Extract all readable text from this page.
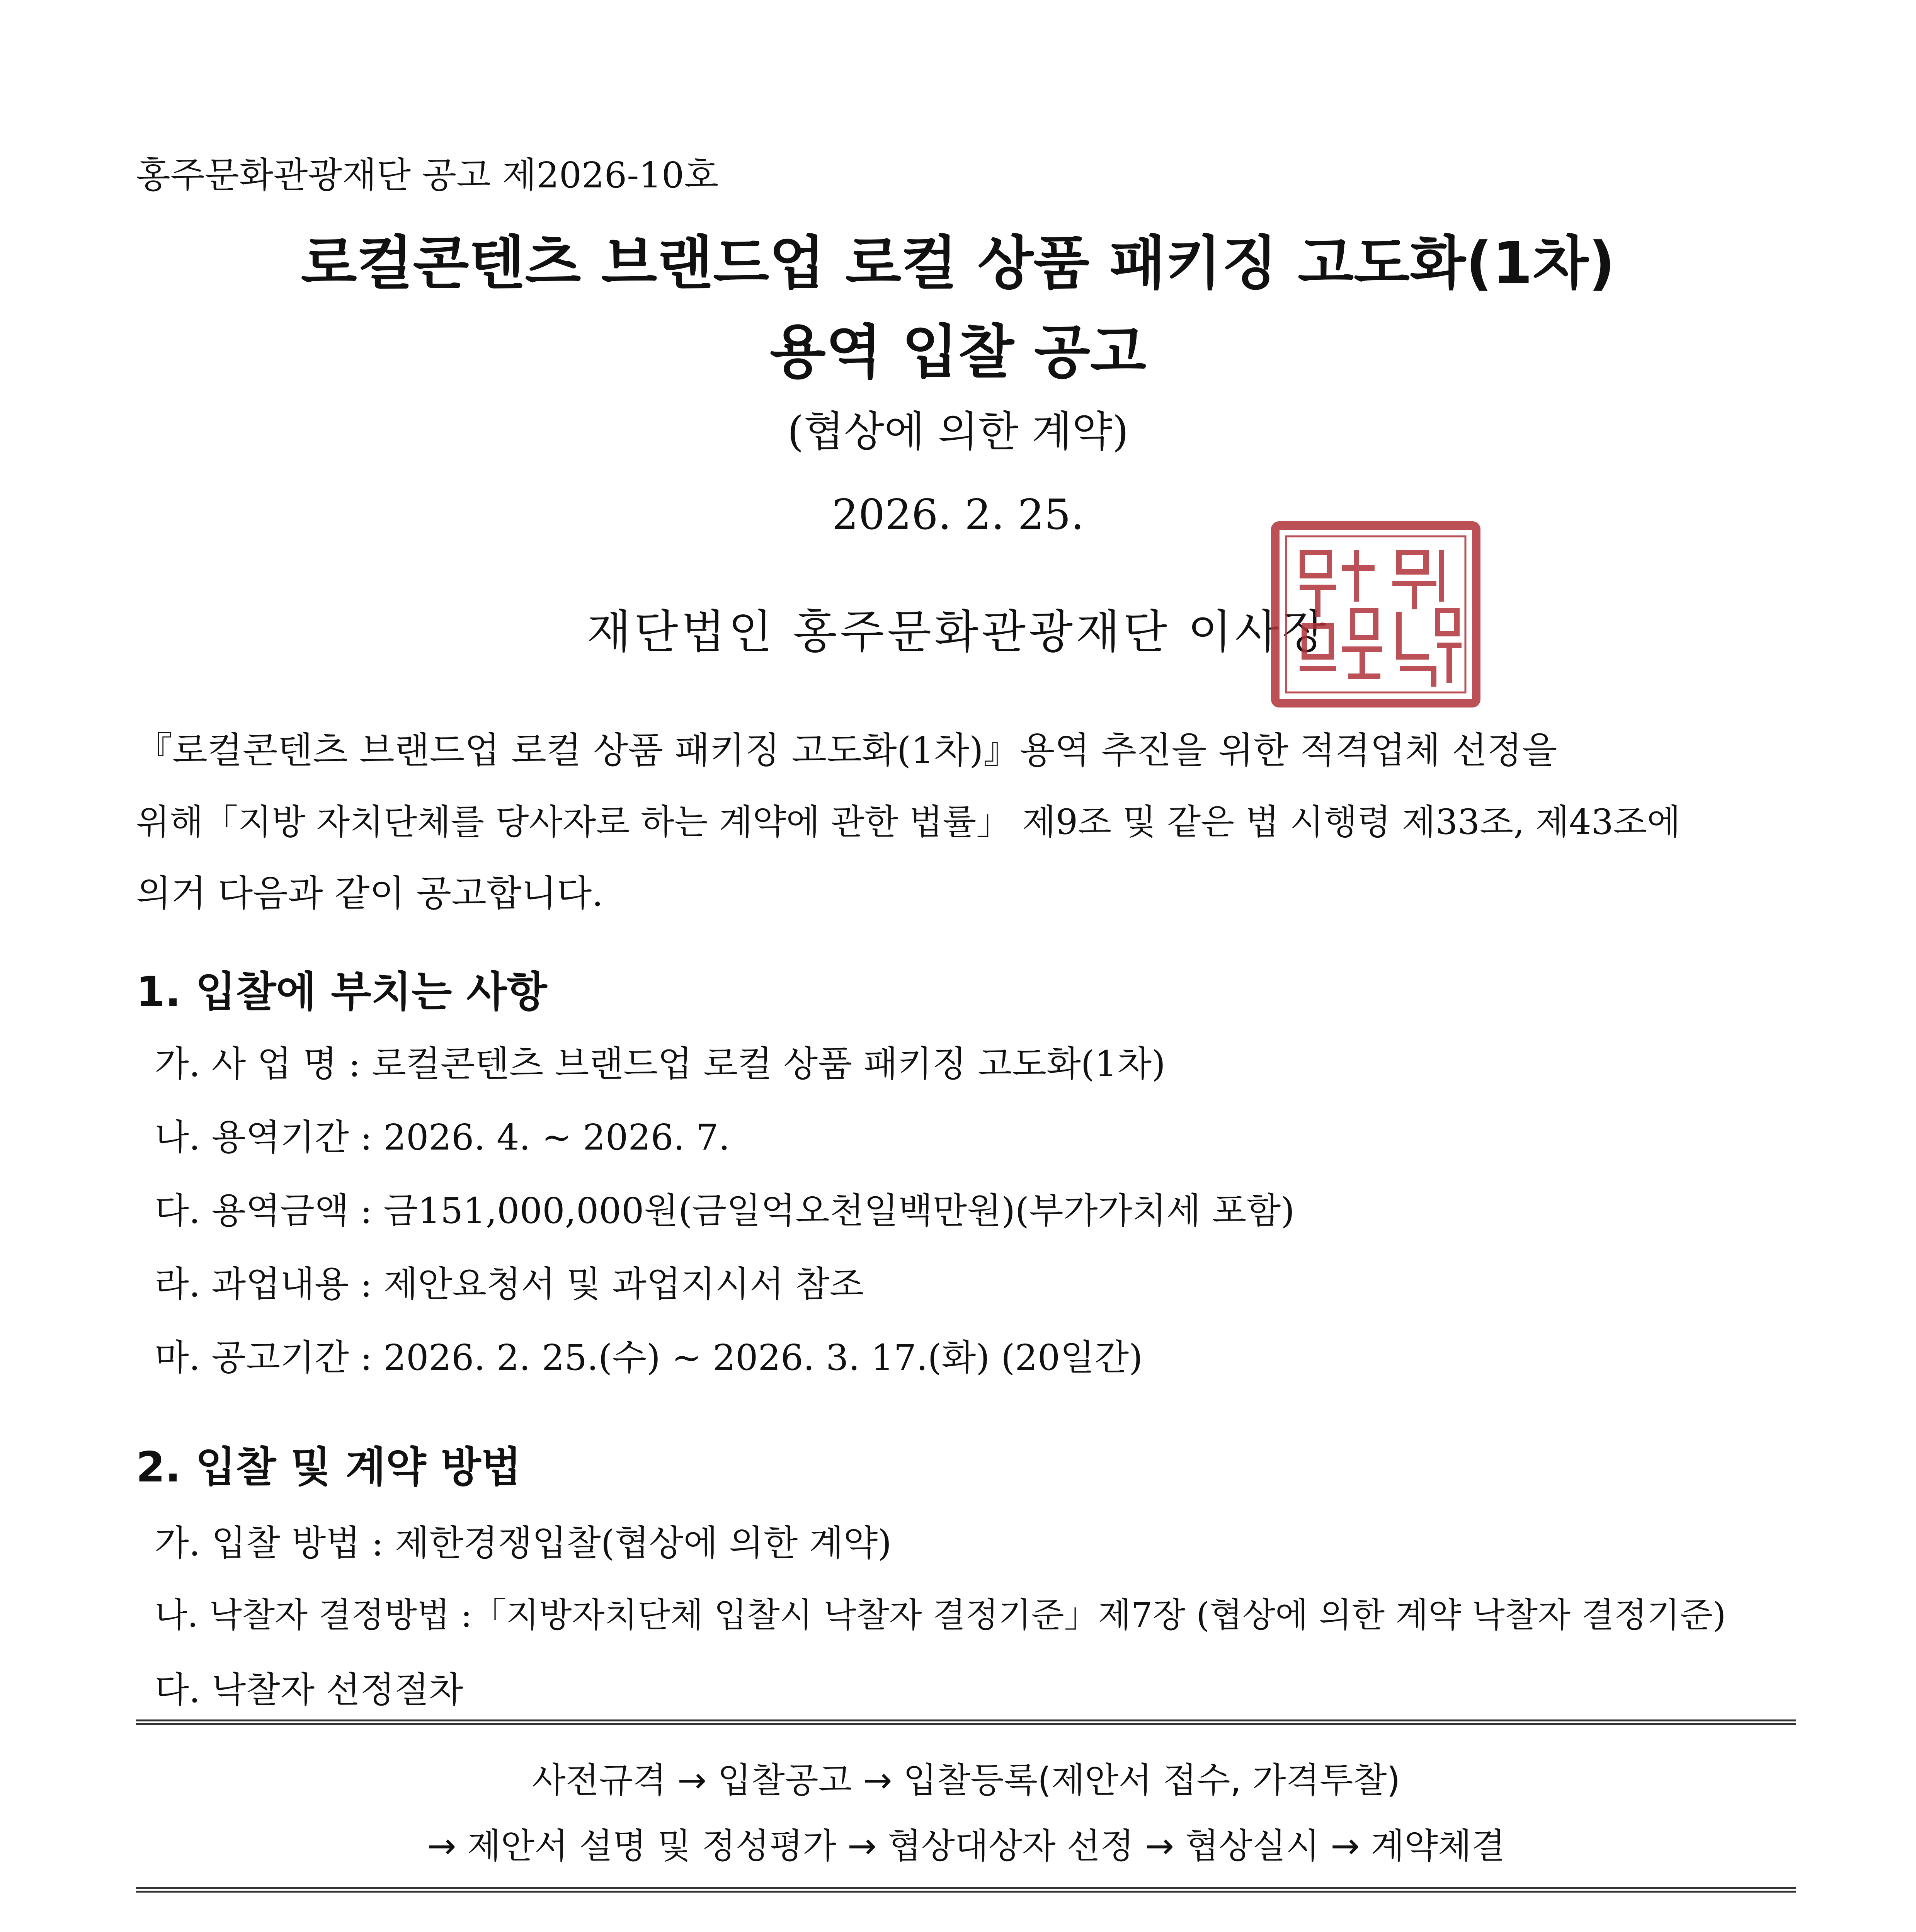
홍주문화관광재단 공고 제2026-10호
로컬콘텐츠 브랜드업 로컬 상품 패키징 고도화(1차)
용역 입찰 공고
(협상에 의한 계약)
2026. 2. 25.
재단법인 홍주문화관광재단 이사장
『로컬콘텐츠 브랜드업 로컬 상품 패키징 고도화(1차)』용역 추진을 위한 적격업체 선정을
위해「지방 자치단체를 당사자로 하는 계약에 관한 법률」 제9조 및 같은 법 시행령 제33조, 제43조에
의거 다음과 같이 공고합니다.
1. 입찰에 부치는 사항
가. 사 업 명 : 로컬콘텐츠 브랜드업 로컬 상품 패키징 고도화(1차)
나. 용역기간 : 2026. 4. ~ 2026. 7.
다. 용역금액 : 금151,000,000원(금일억오천일백만원)(부가가치세 포함)
라. 과업내용 : 제안요청서 및 과업지시서 참조
마. 공고기간 : 2026. 2. 25.(수) ~ 2026. 3. 17.(화) (20일간)
2. 입찰 및 계약 방법
가. 입찰 방법 : 제한경쟁입찰(협상에 의한 계약)
나. 낙찰자 결정방법 :「지방자치단체 입찰시 낙찰자 결정기준」제7장 (협상에 의한 계약 낙찰자 결정기준)
다. 낙찰자 선정절차
사전규격 → 입찰공고 → 입찰등록(제안서 접수, 가격투찰)
→ 제안서 설명 및 정성평가 → 협상대상자 선정 → 협상실시 → 계약체결
